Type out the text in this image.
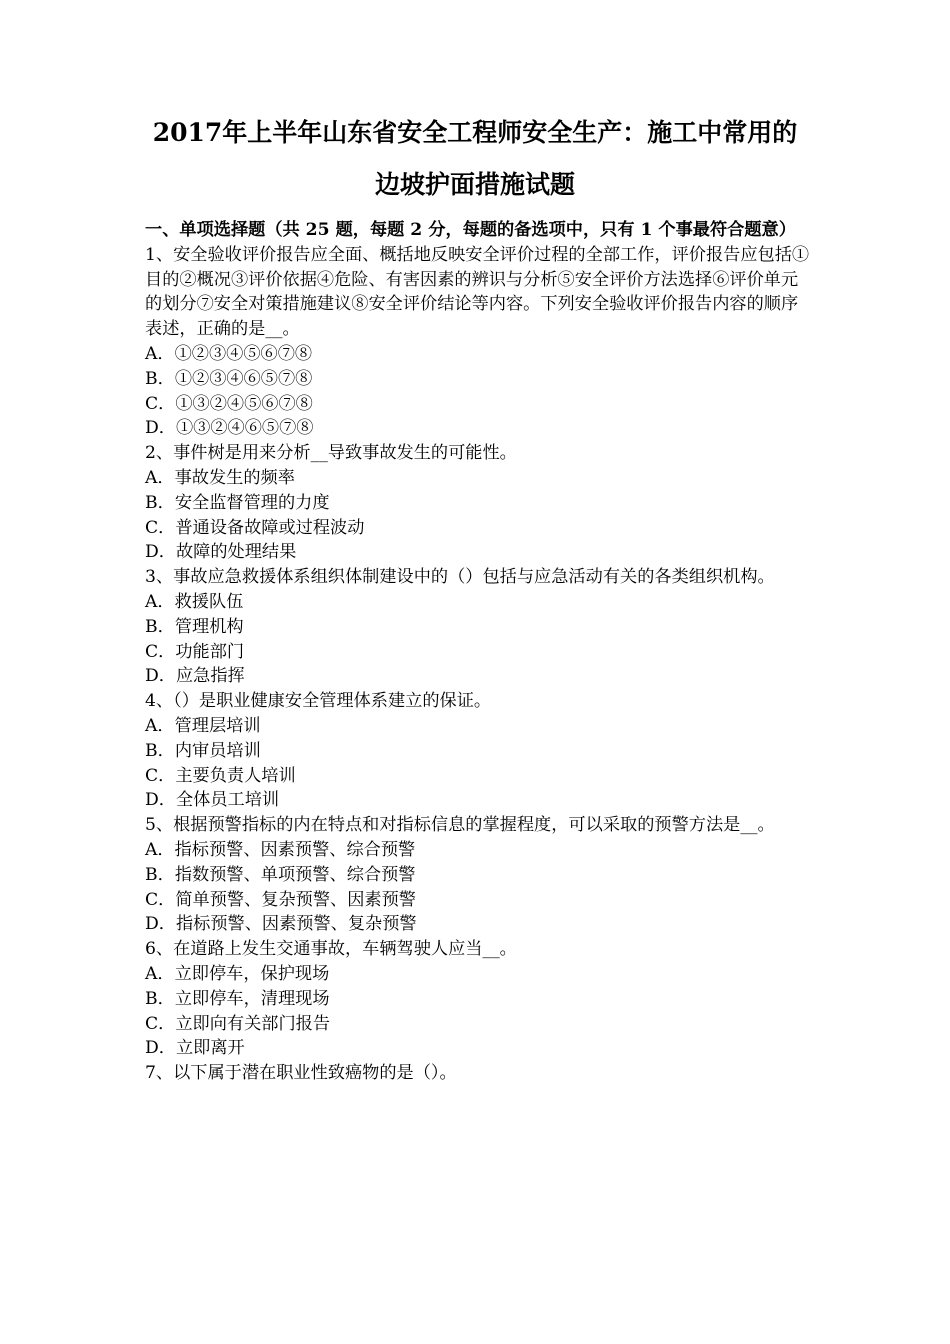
2017年上半年山东省安全工程师安全生产：施工中常用的
边坡护面措施试题

一、单项选择题（共 25 题，每题 2 分，每题的备选项中，只有 1 个事最符合题意）

1、安全验收评价报告应全面、概括地反映安全评价过程的全部工作，评价报告应包括①目的②概况③评价依据④危险、有害因素的辨识与分析⑤安全评价方法选择⑥评价单元的划分⑦安全对策措施建议⑧安全评价结论等内容。下列安全验收评价报告内容的顺序表述，正确的是__。

A．①②③④⑤⑥⑦⑧

B．①②③④⑥⑤⑦⑧

C．①③②④⑤⑥⑦⑧

D．①③②④⑥⑤⑦⑧

2、事件树是用来分析__导致事故发生的可能性。

A．事故发生的频率

B．安全监督管理的力度

C．普通设备故障或过程波动

D．故障的处理结果

3、事故应急救援体系组织体制建设中的（）包括与应急活动有关的各类组织机构。

A．救援队伍

B．管理机构

C．功能部门

D．应急指挥

4、（）是职业健康安全管理体系建立的保证。

A．管理层培训

B．内审员培训

C．主要负责人培训

D．全体员工培训

5、根据预警指标的内在特点和对指标信息的掌握程度，可以采取的预警方法是__。

A．指标预警、因素预警、综合预警

B．指数预警、单项预警、综合预警

C．简单预警、复杂预警、因素预警

D．指标预警、因素预警、复杂预警

6、在道路上发生交通事故，车辆驾驶人应当__。

A．立即停车，保护现场

B．立即停车，清理现场

C．立即向有关部门报告

D．立即离开

7、以下属于潜在职业性致癌物的是（）。
